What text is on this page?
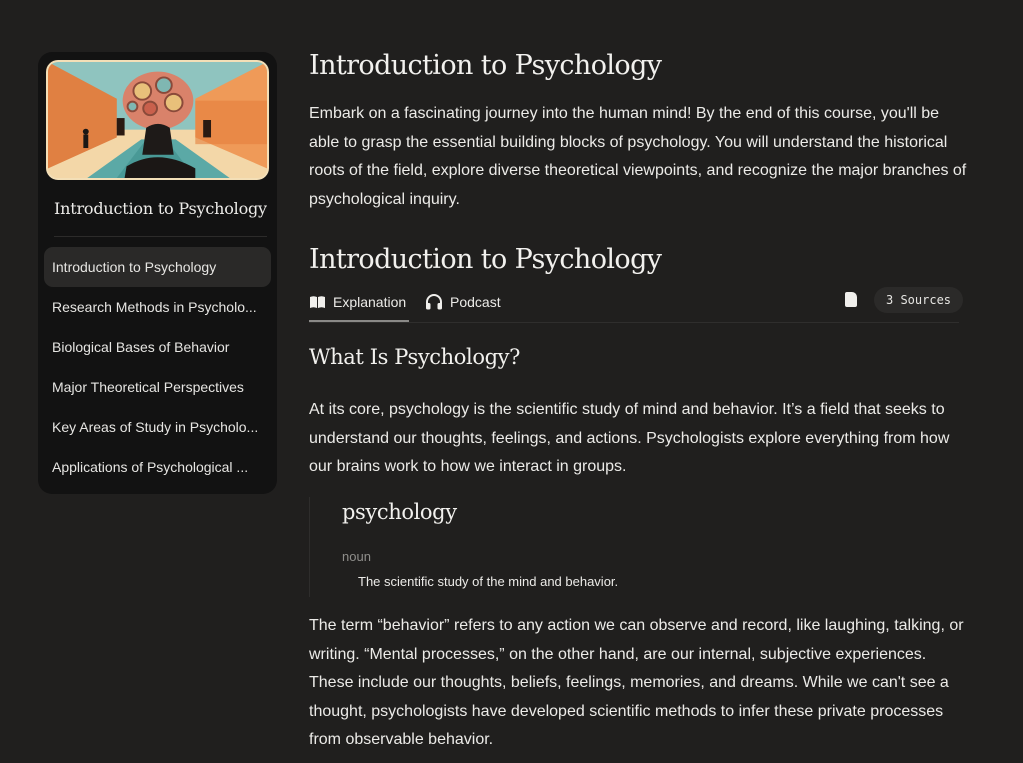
Introduction to Psychology
Introduction to Psychology
Research Methods in Psycholo...
Biological Bases of Behavior
Major Theoretical Perspectives
Key Areas of Study in Psycholo...
Applications of Psychological ...
Introduction to Psychology
Embark on a fascinating journey into the human mind! By the end of this course, you'll be able to grasp the essential building blocks of psychology. You will understand the historical roots of the field, explore diverse theoretical viewpoints, and recognize the major branches of psychological inquiry.
Introduction to Psychology
Explanation	Podcast	3 Sources
What Is Psychology?
At its core, psychology is the scientific study of mind and behavior. It’s a field that seeks to understand our thoughts, feelings, and actions. Psychologists explore everything from how our brains work to how we interact in groups.
psychology
noun
The scientific study of the mind and behavior.
The term “behavior” refers to any action we can observe and record, like laughing, talking, or writing. “Mental processes,” on the other hand, are our internal, subjective experiences. These include our thoughts, beliefs, feelings, memories, and dreams. While we can't see a thought, psychologists have developed scientific methods to infer these private processes from observable behavior.
